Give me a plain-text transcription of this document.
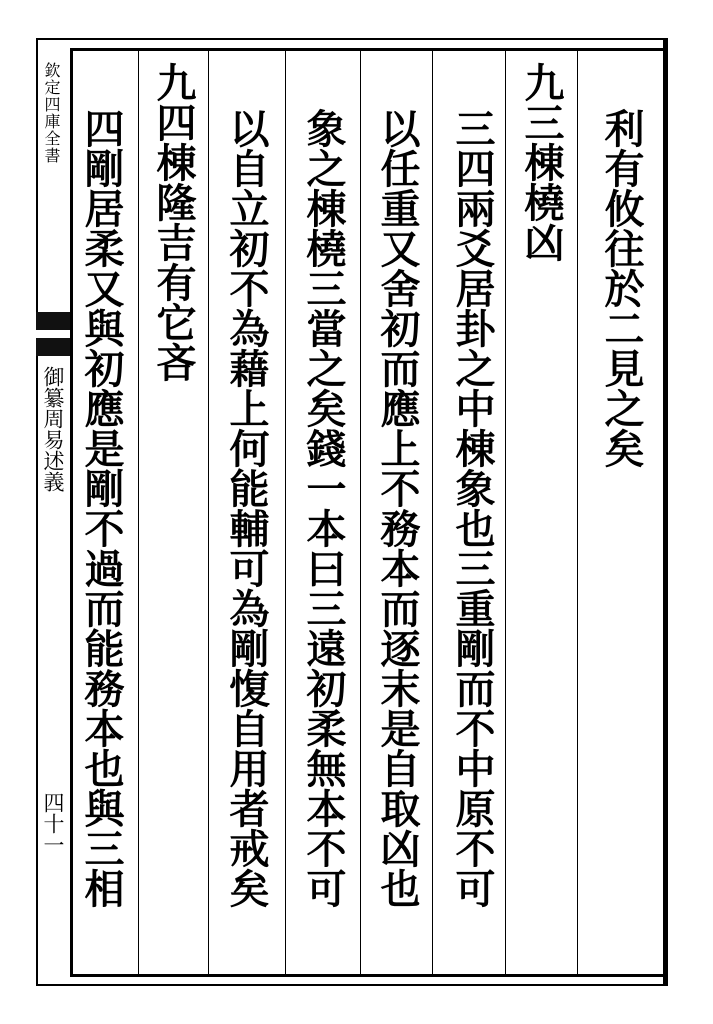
欽定四庫全書
御纂周易述義
四十一
利有攸往於二見之矣
九三棟橈凶
三四兩爻居卦之中棟象也三重剛而不中原不可
以任重又舍初而應上不務本而逐末是自取凶也
象之棟橈三當之矣錢一本曰三遠初柔無本不可
以自立初不為藉上何能輔可為剛愎自用者戒矣
九四棟隆吉有它吝
四剛居柔又與初應是剛不過而能務本也與三相
